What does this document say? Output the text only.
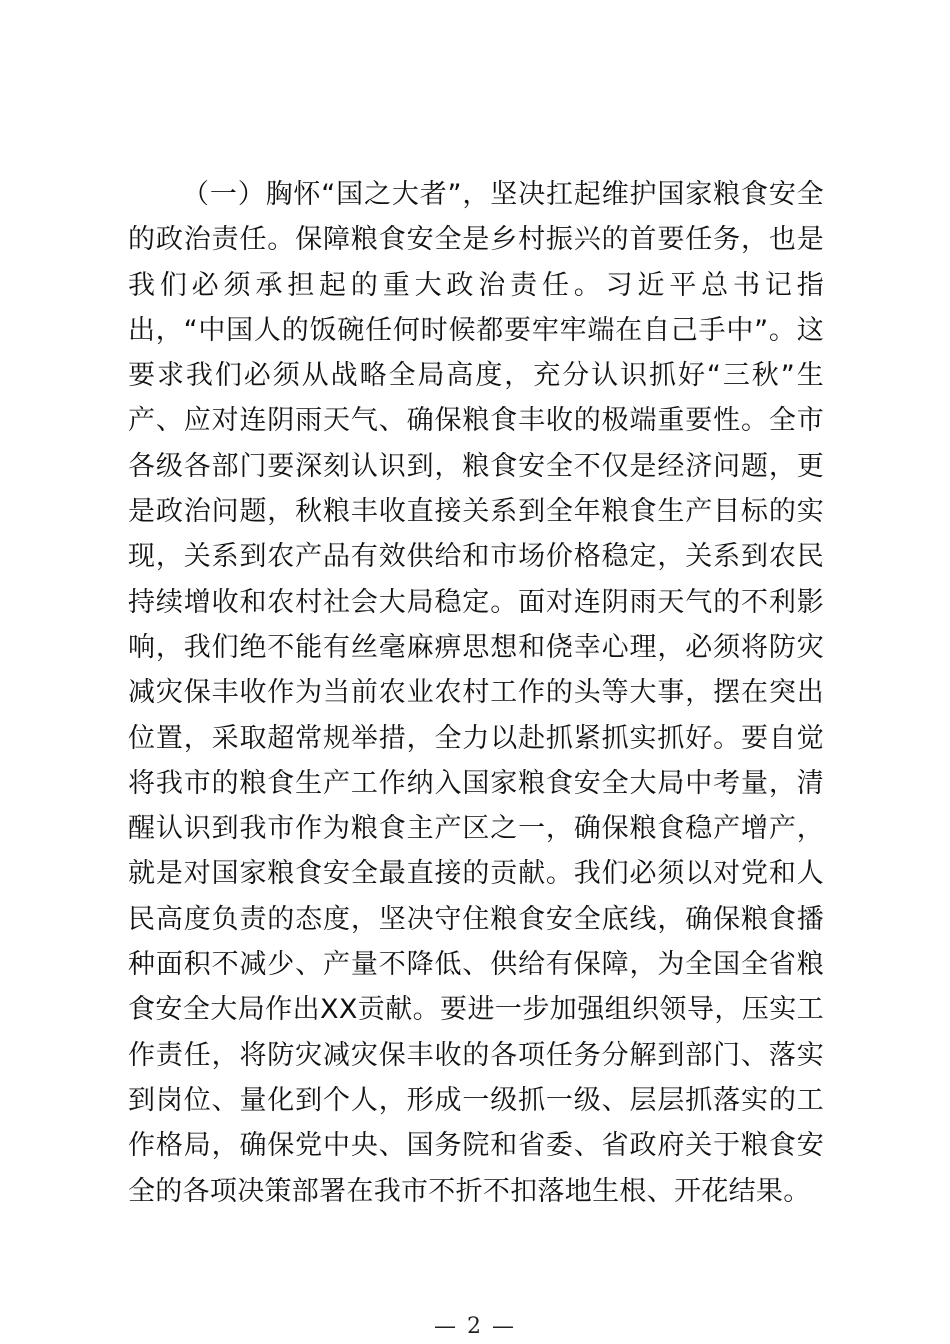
（一）胸怀“国之大者”，坚决扛起维护国家粮食安全的政治责任。保障粮食安全是乡村振兴的首要任务，也是我们必须承担起的重大政治责任。习近平总书记指出，“中国人的饭碗任何时候都要牢牢端在自己手中”。这要求我们必须从战略全局高度，充分认识抓好“三秋”生产、应对连阴雨天气、确保粮食丰收的极端重要性。全市各级各部门要深刻认识到，粮食安全不仅是经济问题，更是政治问题，秋粮丰收直接关系到全年粮食生产目标的实现，关系到农产品有效供给和市场价格稳定，关系到农民持续增收和农村社会大局稳定。面对连阴雨天气的不利影响，我们绝不能有丝毫麻痹思想和侥幸心理，必须将防灾减灾保丰收作为当前农业农村工作的头等大事，摆在突出位置，采取超常规举措，全力以赴抓紧抓实抓好。要自觉将我市的粮食生产工作纳入国家粮食安全大局中考量，清醒认识到我市作为粮食主产区之一，确保粮食稳产增产，就是对国家粮食安全最直接的贡献。我们必须以对党和人民高度负责的态度，坚决守住粮食安全底线，确保粮食播种面积不减少、产量不降低、供给有保障，为全国全省粮食安全大局作出XX贡献。要进一步加强组织领导，压实工作责任，将防灾减灾保丰收的各项任务分解到部门、落实到岗位、量化到个人，形成一级抓一级、层层抓落实的工作格局，确保党中央、国务院和省委、省政府关于粮食安全的各项决策部署在我市不折不扣落地生根、开花结果。

— 2 —
